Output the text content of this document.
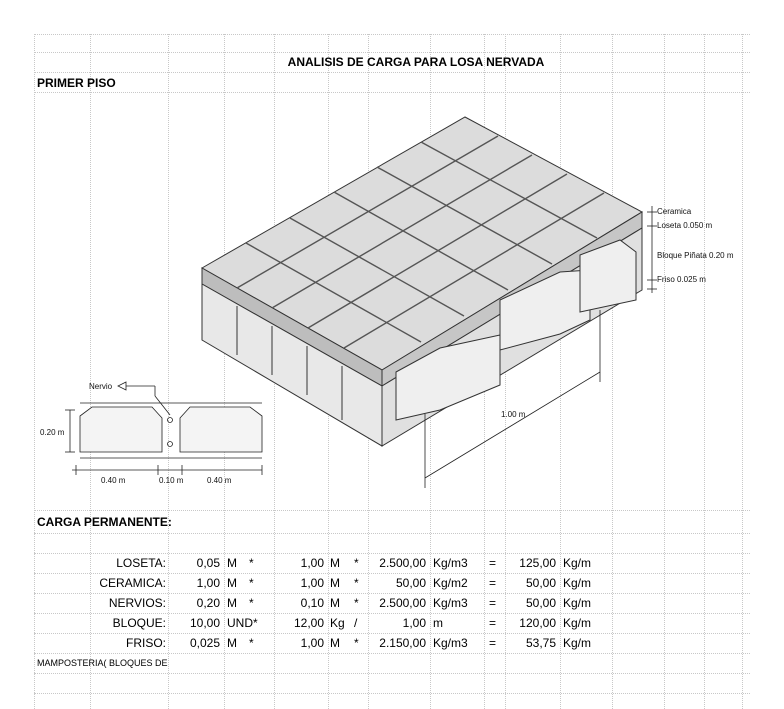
ANALISIS DE CARGA PARA LOSA NERVADA
PRIMER PISO
Ceramica
Loseta 0.050 m
Bloque Piñata 0.20 m
Friso 0.025 m
1.00 m
Nervio
0.20 m
0.40 m	0.10 m	0.40 m
CARGA PERMANENTE:
LOSETA:	0,05 M *	1,00 M *	2.500,00 Kg/m3 =	125,00 Kg/m
CERAMICA:	1,00 M *	1,00 M *	50,00 Kg/m2 =	50,00 Kg/m
NERVIOS:	0,20 M *	0,10 M *	2.500,00 Kg/m3 =	50,00 Kg/m
BLOQUE:	10,00 UND*	12,00 Kg /	1,00 m	=	120,00 Kg/m
FRISO:	0,025 M *	1,00 M *	2.150,00 Kg/m3 =	53,75 Kg/m
MAMPOSTERIA( BLOQUES DE
